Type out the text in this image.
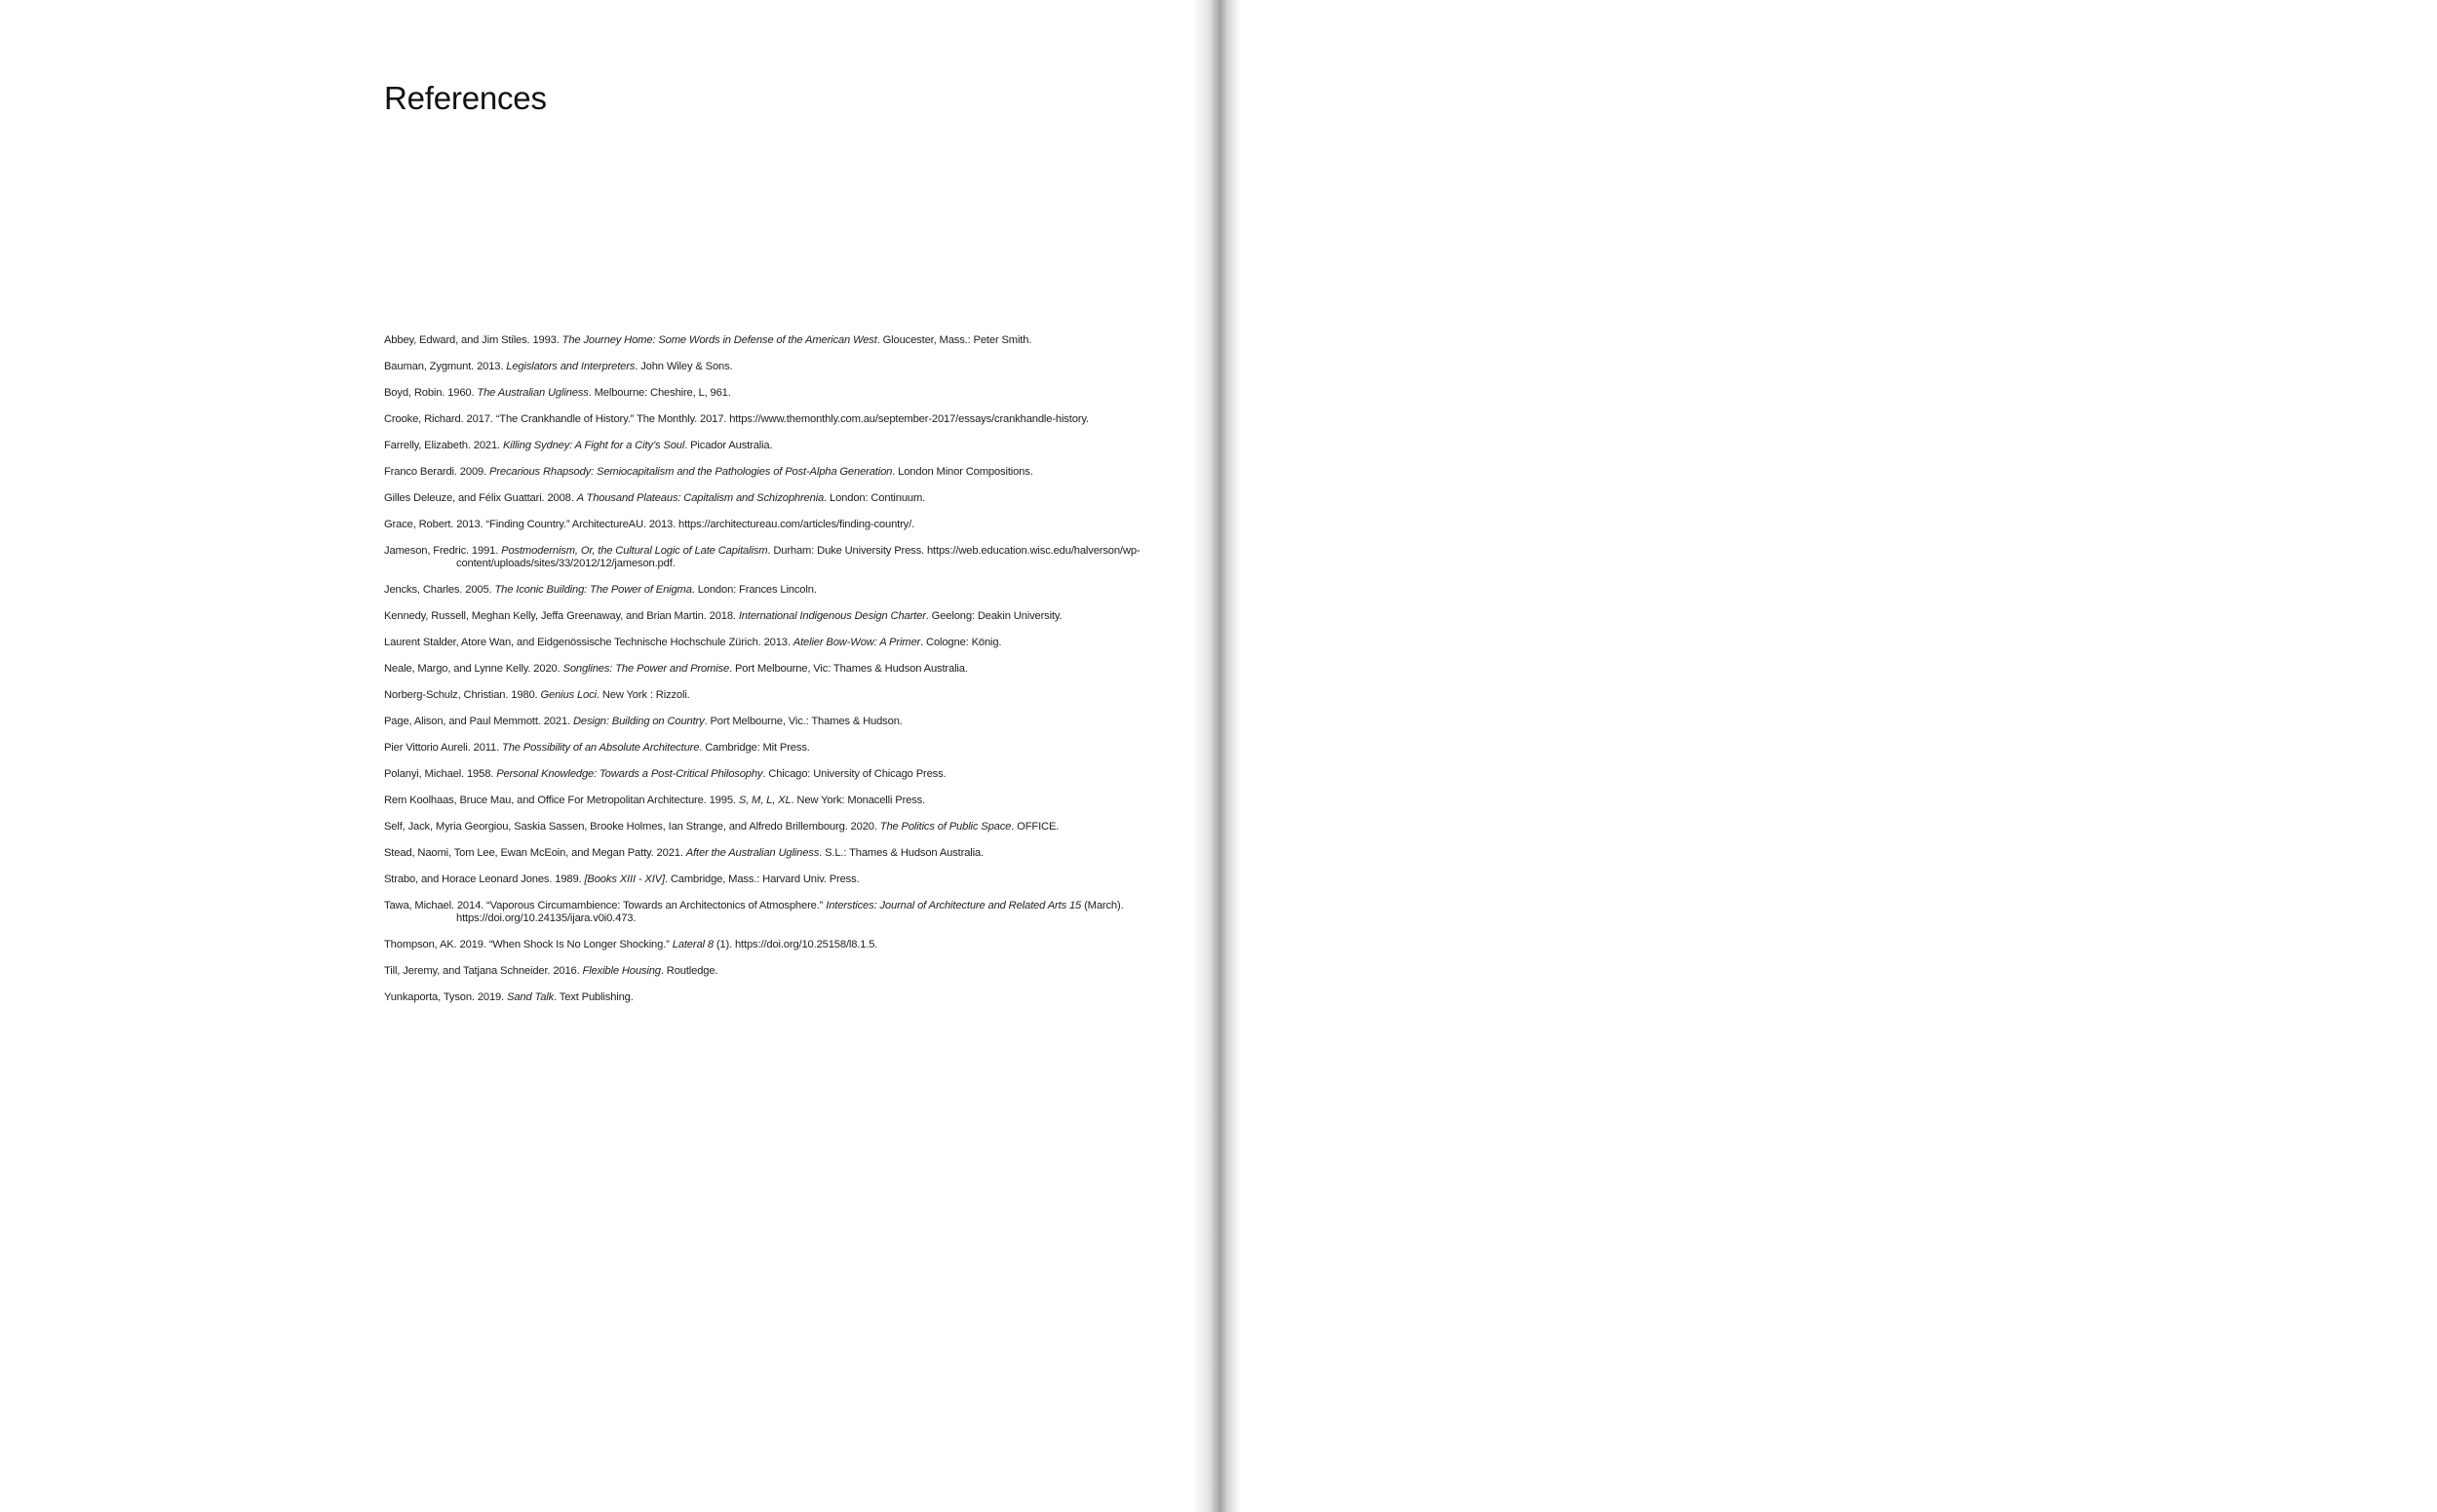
References
Abbey, Edward, and Jim Stiles. 1993. The Journey Home: Some Words in Defense of the American West. Gloucester, Mass.: Peter Smith.
Bauman, Zygmunt. 2013. Legislators and Interpreters. John Wiley & Sons.
Boyd, Robin. 1960. The Australian Ugliness. Melbourne: Cheshire, L, 961.
Crooke, Richard. 2017. “The Crankhandle of History.” The Monthly. 2017. https://www.themonthly.com.au/september-2017/essays/crankhandle-history.
Farrelly, Elizabeth. 2021. Killing Sydney: A Fight for a City’s Soul. Picador Australia.
Franco Berardi. 2009. Precarious Rhapsody: Semiocapitalism and the Pathologies of Post-Alpha Generation. London Minor Compositions.
Gilles Deleuze, and Félix Guattari. 2008. A Thousand Plateaus: Capitalism and Schizophrenia. London: Continuum.
Grace, Robert. 2013. “Finding Country.” ArchitectureAU. 2013. https://architectureau.com/articles/finding-country/.
Jameson, Fredric. 1991. Postmodernism, Or, the Cultural Logic of Late Capitalism. Durham: Duke University Press. https://web.education.wisc.edu/halverson/wp-content/uploads/sites/33/2012/12/jameson.pdf.
Jencks, Charles. 2005. The Iconic Building: The Power of Enigma. London: Frances Lincoln.
Kennedy, Russell, Meghan Kelly, Jeffa Greenaway, and Brian Martin. 2018. International Indigenous Design Charter. Geelong: Deakin University.
Laurent Stalder, Atore Wan, and Eidgenössische Technische Hochschule Zürich. 2013. Atelier Bow-Wow: A Primer. Cologne: König.
Neale, Margo, and Lynne Kelly. 2020. Songlines: The Power and Promise. Port Melbourne, Vic: Thames & Hudson Australia.
Norberg-Schulz, Christian. 1980. Genius Loci. New York : Rizzoli.
Page, Alison, and Paul Memmott. 2021. Design: Building on Country. Port Melbourne, Vic.: Thames & Hudson.
Pier Vittorio Aureli. 2011. The Possibility of an Absolute Architecture. Cambridge: Mit Press.
Polanyi, Michael. 1958. Personal Knowledge: Towards a Post-Critical Philosophy. Chicago: University of Chicago Press.
Rem Koolhaas, Bruce Mau, and Office For Metropolitan Architecture. 1995. S, M, L, XL. New York: Monacelli Press.
Self, Jack, Myria Georgiou, Saskia Sassen, Brooke Holmes, Ian Strange, and Alfredo Brillembourg. 2020. The Politics of Public Space. OFFICE.
Stead, Naomi, Tom Lee, Ewan McEoin, and Megan Patty. 2021. After the Australian Ugliness. S.L.: Thames & Hudson Australia.
Strabo, and Horace Leonard Jones. 1989. [Books XIII - XIV]. Cambridge, Mass.: Harvard Univ. Press.
Tawa, Michael. 2014. “Vaporous Circumambience: Towards an Architectonics of Atmosphere.” Interstices: Journal of Architecture and Related Arts 15 (March). https://doi.org/10.24135/ijara.v0i0.473.
Thompson, AK. 2019. “When Shock Is No Longer Shocking.” Lateral 8 (1). https://doi.org/10.25158/l8.1.5.
Till, Jeremy, and Tatjana Schneider. 2016. Flexible Housing. Routledge.
Yunkaporta, Tyson. 2019. Sand Talk. Text Publishing.
